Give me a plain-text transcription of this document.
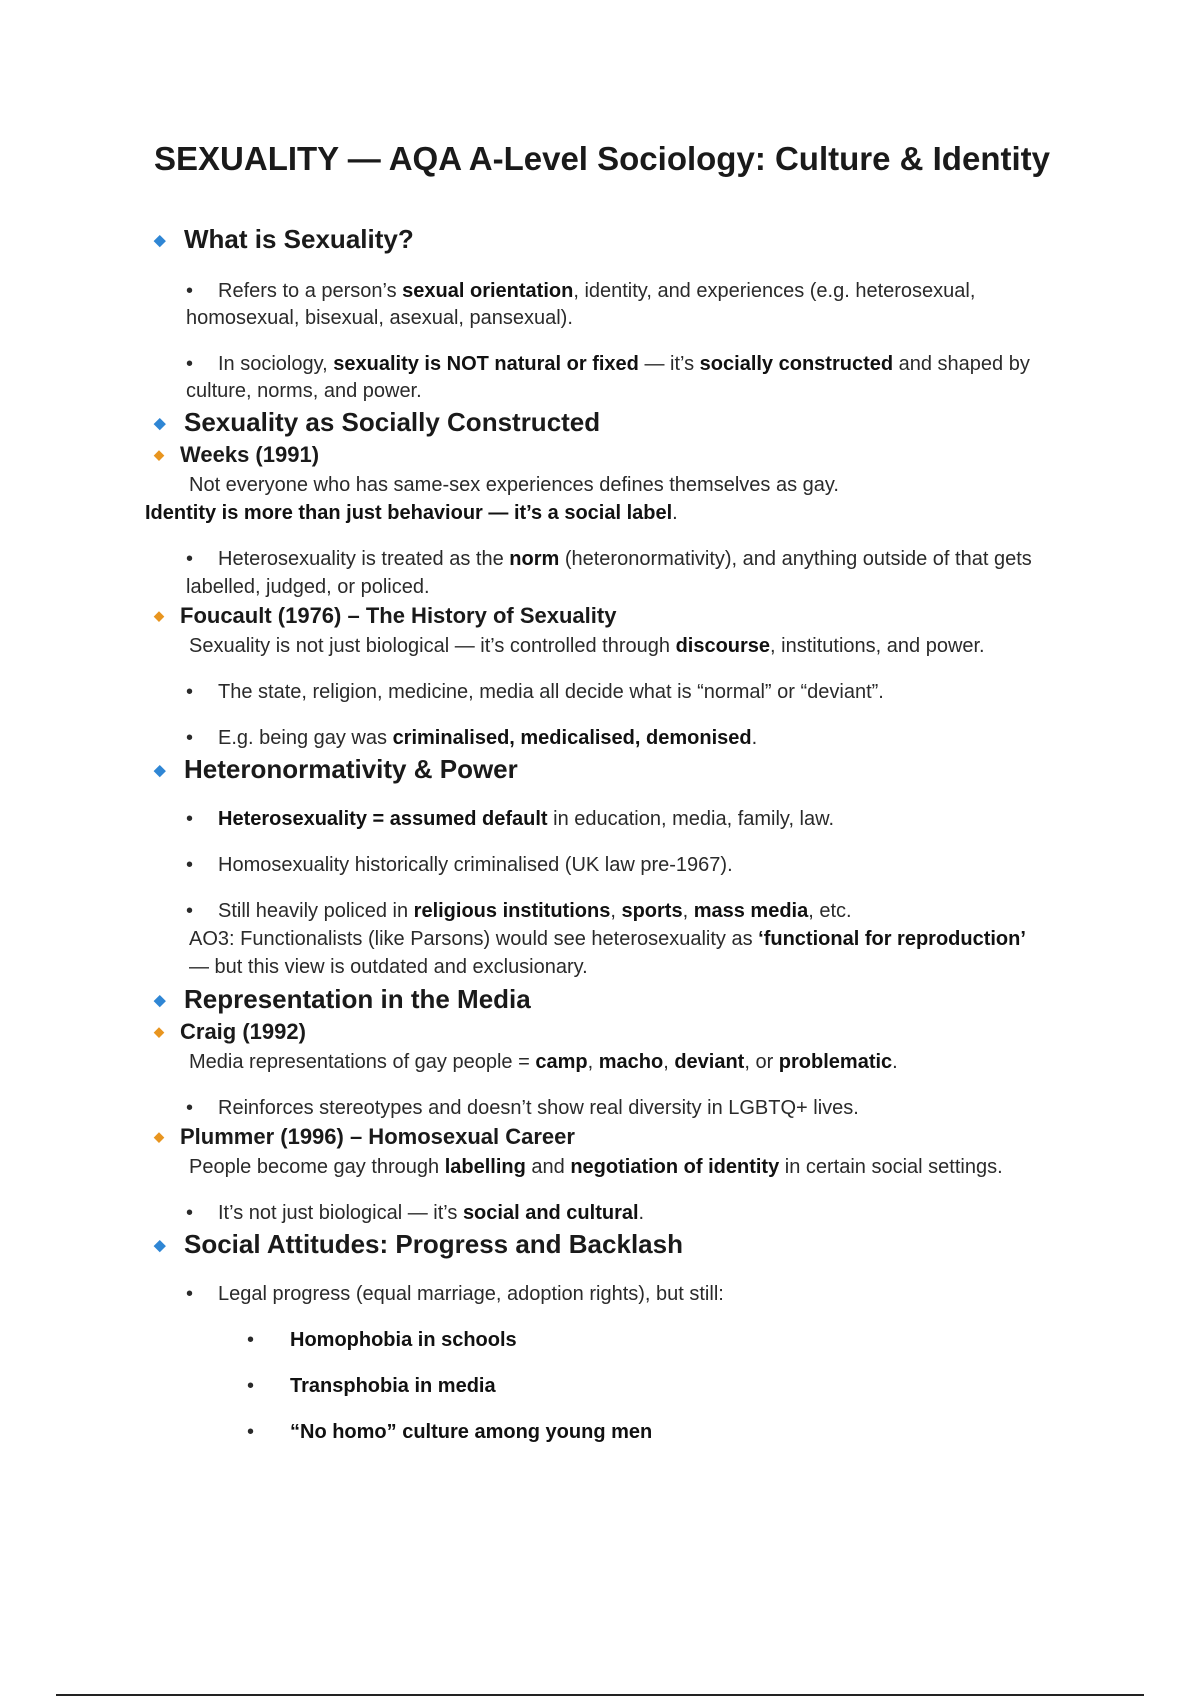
SEXUALITY — AQA A-Level Sociology: Culture & Identity
◆ What is Sexuality?
• Refers to a person’s sexual orientation, identity, and experiences (e.g. heterosexual,
homosexual, bisexual, asexual, pansexual).
• In sociology, sexuality is NOT natural or fixed — it’s socially constructed and shaped by
culture, norms, and power.
◆ Sexuality as Socially Constructed
◆ Weeks (1991)
Not everyone who has same-sex experiences defines themselves as gay.
Identity is more than just behaviour — it’s a social label.
• Heterosexuality is treated as the norm (heteronormativity), and anything outside of that gets
labelled, judged, or policed.
◆ Foucault (1976) – The History of Sexuality
Sexuality is not just biological — it’s controlled through discourse, institutions, and power.
• The state, religion, medicine, media all decide what is “normal” or “deviant”.
• E.g. being gay was criminalised, medicalised, demonised.
◆ Heteronormativity & Power
• Heterosexuality = assumed default in education, media, family, law.
• Homosexuality historically criminalised (UK law pre-1967).
• Still heavily policed in religious institutions, sports, mass media, etc.
AO3: Functionalists (like Parsons) would see heterosexuality as ‘functional for reproduction’
— but this view is outdated and exclusionary.
◆ Representation in the Media
◆ Craig (1992)
Media representations of gay people = camp, macho, deviant, or problematic.
• Reinforces stereotypes and doesn’t show real diversity in LGBTQ+ lives.
◆ Plummer (1996) – Homosexual Career
People become gay through labelling and negotiation of identity in certain social settings.
• It’s not just biological — it’s social and cultural.
◆ Social Attitudes: Progress and Backlash
• Legal progress (equal marriage, adoption rights), but still:
• Homophobia in schools
• Transphobia in media
• “No homo” culture among young men
